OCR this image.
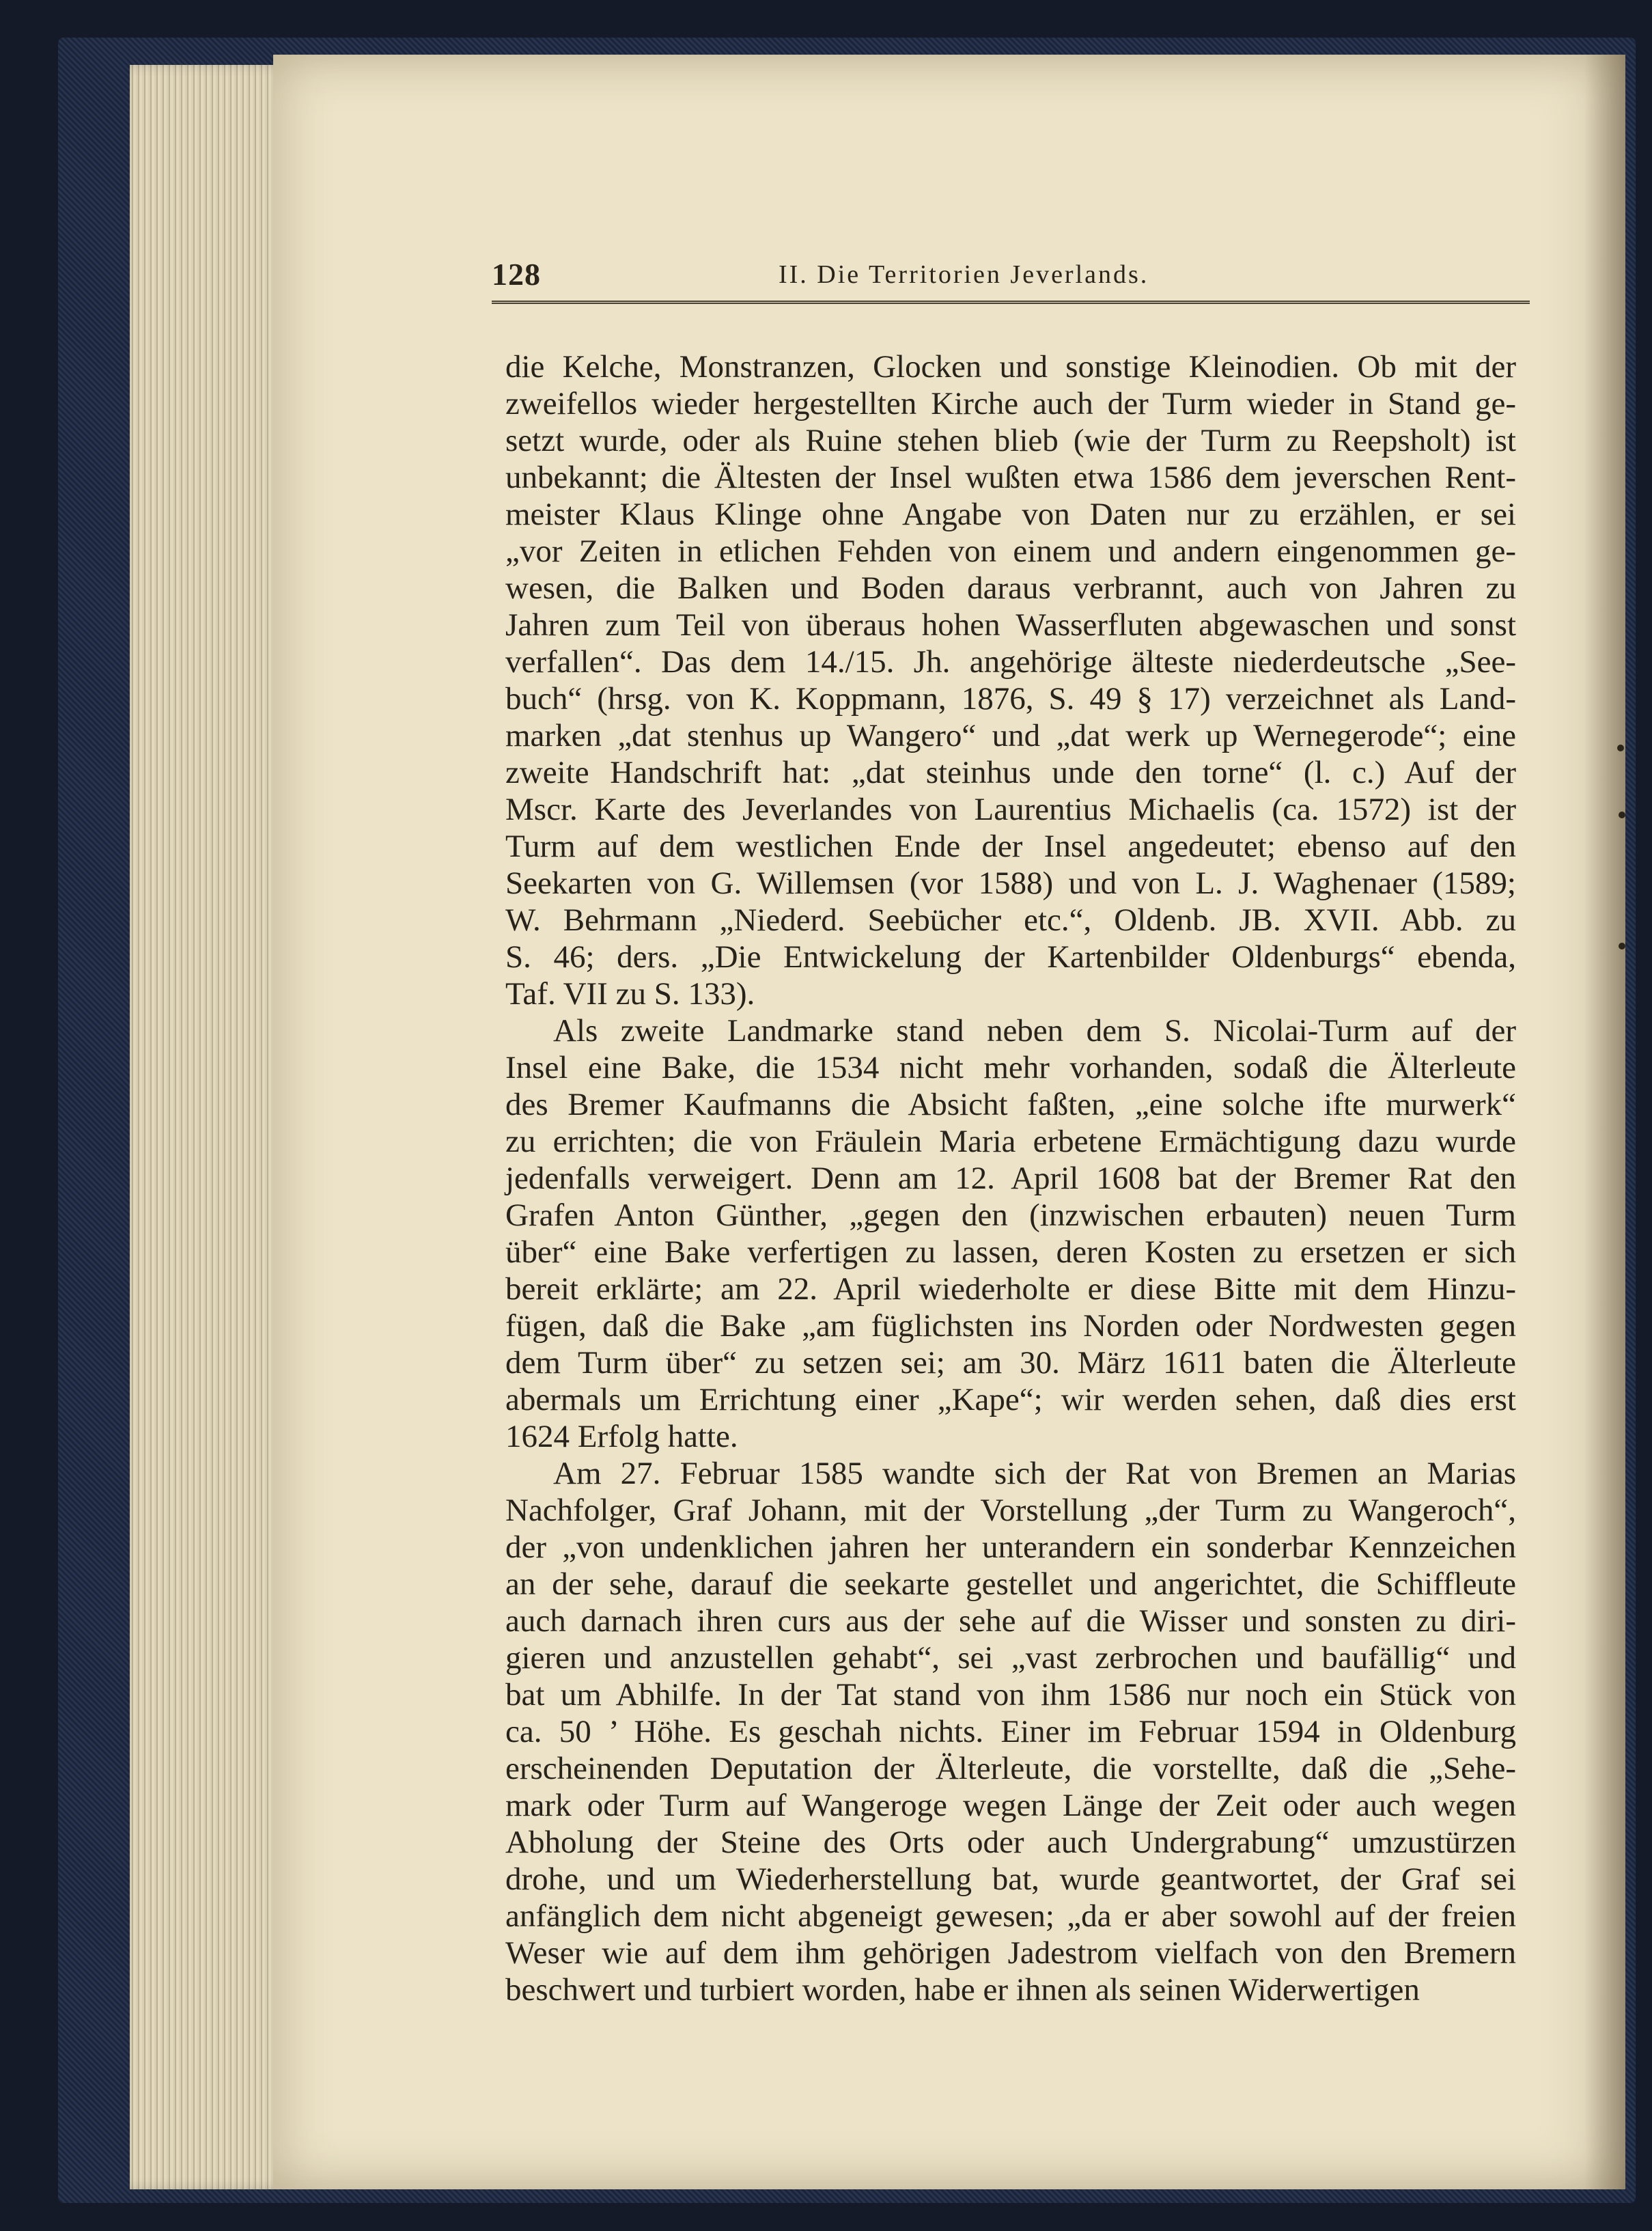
128	II. Die Territorien Jeverlands.
die Kelche, Monstranzen, Glocken und sonstige Kleinodien. Ob mit der
zweifellos wieder hergestellten Kirche auch der Turm wieder in Stand ge-
setzt wurde, oder als Ruine stehen blieb (wie der Turm zu Reepsholt) ist
unbekannt; die Ältesten der Insel wußten etwa 1586 dem jeverschen Rent-
meister Klaus Klinge ohne Angabe von Daten nur zu erzählen, er sei
„vor Zeiten in etlichen Fehden von einem und andern eingenommen ge-
wesen, die Balken und Boden daraus verbrannt, auch von Jahren zu
Jahren zum Teil von überaus hohen Wasserfluten abgewaschen und sonst
verfallen“. Das dem 14./15. Jh. angehörige älteste niederdeutsche „See-
buch“ (hrsg. von K. Koppmann, 1876, S. 49 § 17) verzeichnet als Land-
marken „dat stenhus up Wangero“ und „dat werk up Wernegerode“; eine
zweite Handschrift hat: „dat steinhus unde den torne“ (l. c.) Auf der
Mscr. Karte des Jeverlandes von Laurentius Michaelis (ca. 1572) ist der
Turm auf dem westlichen Ende der Insel angedeutet; ebenso auf den
Seekarten von G. Willemsen (vor 1588) und von L. J. Waghenaer (1589;
W. Behrmann „Niederd. Seebücher etc.“, Oldenb. JB. XVII. Abb. zu
S. 46; ders. „Die Entwickelung der Kartenbilder Oldenburgs“ ebenda,
Taf. VII zu S. 133).
Als zweite Landmarke stand neben dem S. Nicolai-Turm auf der
Insel eine Bake, die 1534 nicht mehr vorhanden, sodaß die Älterleute
des Bremer Kaufmanns die Absicht faßten, „eine solche ifte murwerk“
zu errichten; die von Fräulein Maria erbetene Ermächtigung dazu wurde
jedenfalls verweigert. Denn am 12. April 1608 bat der Bremer Rat den
Grafen Anton Günther, „gegen den (inzwischen erbauten) neuen Turm
über“ eine Bake verfertigen zu lassen, deren Kosten zu ersetzen er sich
bereit erklärte; am 22. April wiederholte er diese Bitte mit dem Hinzu-
fügen, daß die Bake „am füglichsten ins Norden oder Nordwesten gegen
dem Turm über“ zu setzen sei; am 30. März 1611 baten die Älterleute
abermals um Errichtung einer „Kape“; wir werden sehen, daß dies erst
1624 Erfolg hatte.
Am 27. Februar 1585 wandte sich der Rat von Bremen an Marias
Nachfolger, Graf Johann, mit der Vorstellung „der Turm zu Wangeroch“,
der „von undenklichen jahren her unterandern ein sonderbar Kennzeichen
an der sehe, darauf die seekarte gestellet und angerichtet, die Schiffleute
auch darnach ihren curs aus der sehe auf die Wisser und sonsten zu diri-
gieren und anzustellen gehabt“, sei „vast zerbrochen und baufällig“ und
bat um Abhilfe. In der Tat stand von ihm 1586 nur noch ein Stück von
ca. 50 ’ Höhe. Es geschah nichts. Einer im Februar 1594 in Oldenburg
erscheinenden Deputation der Älterleute, die vorstellte, daß die „Sehe-
mark oder Turm auf Wangeroge wegen Länge der Zeit oder auch wegen
Abholung der Steine des Orts oder auch Undergrabung“ umzustürzen
drohe, und um Wiederherstellung bat, wurde geantwortet, der Graf sei
anfänglich dem nicht abgeneigt gewesen; „da er aber sowohl auf der freien
Weser wie auf dem ihm gehörigen Jadestrom vielfach von den Bremern
beschwert und turbiert worden, habe er ihnen als seinen Widerwertigen
